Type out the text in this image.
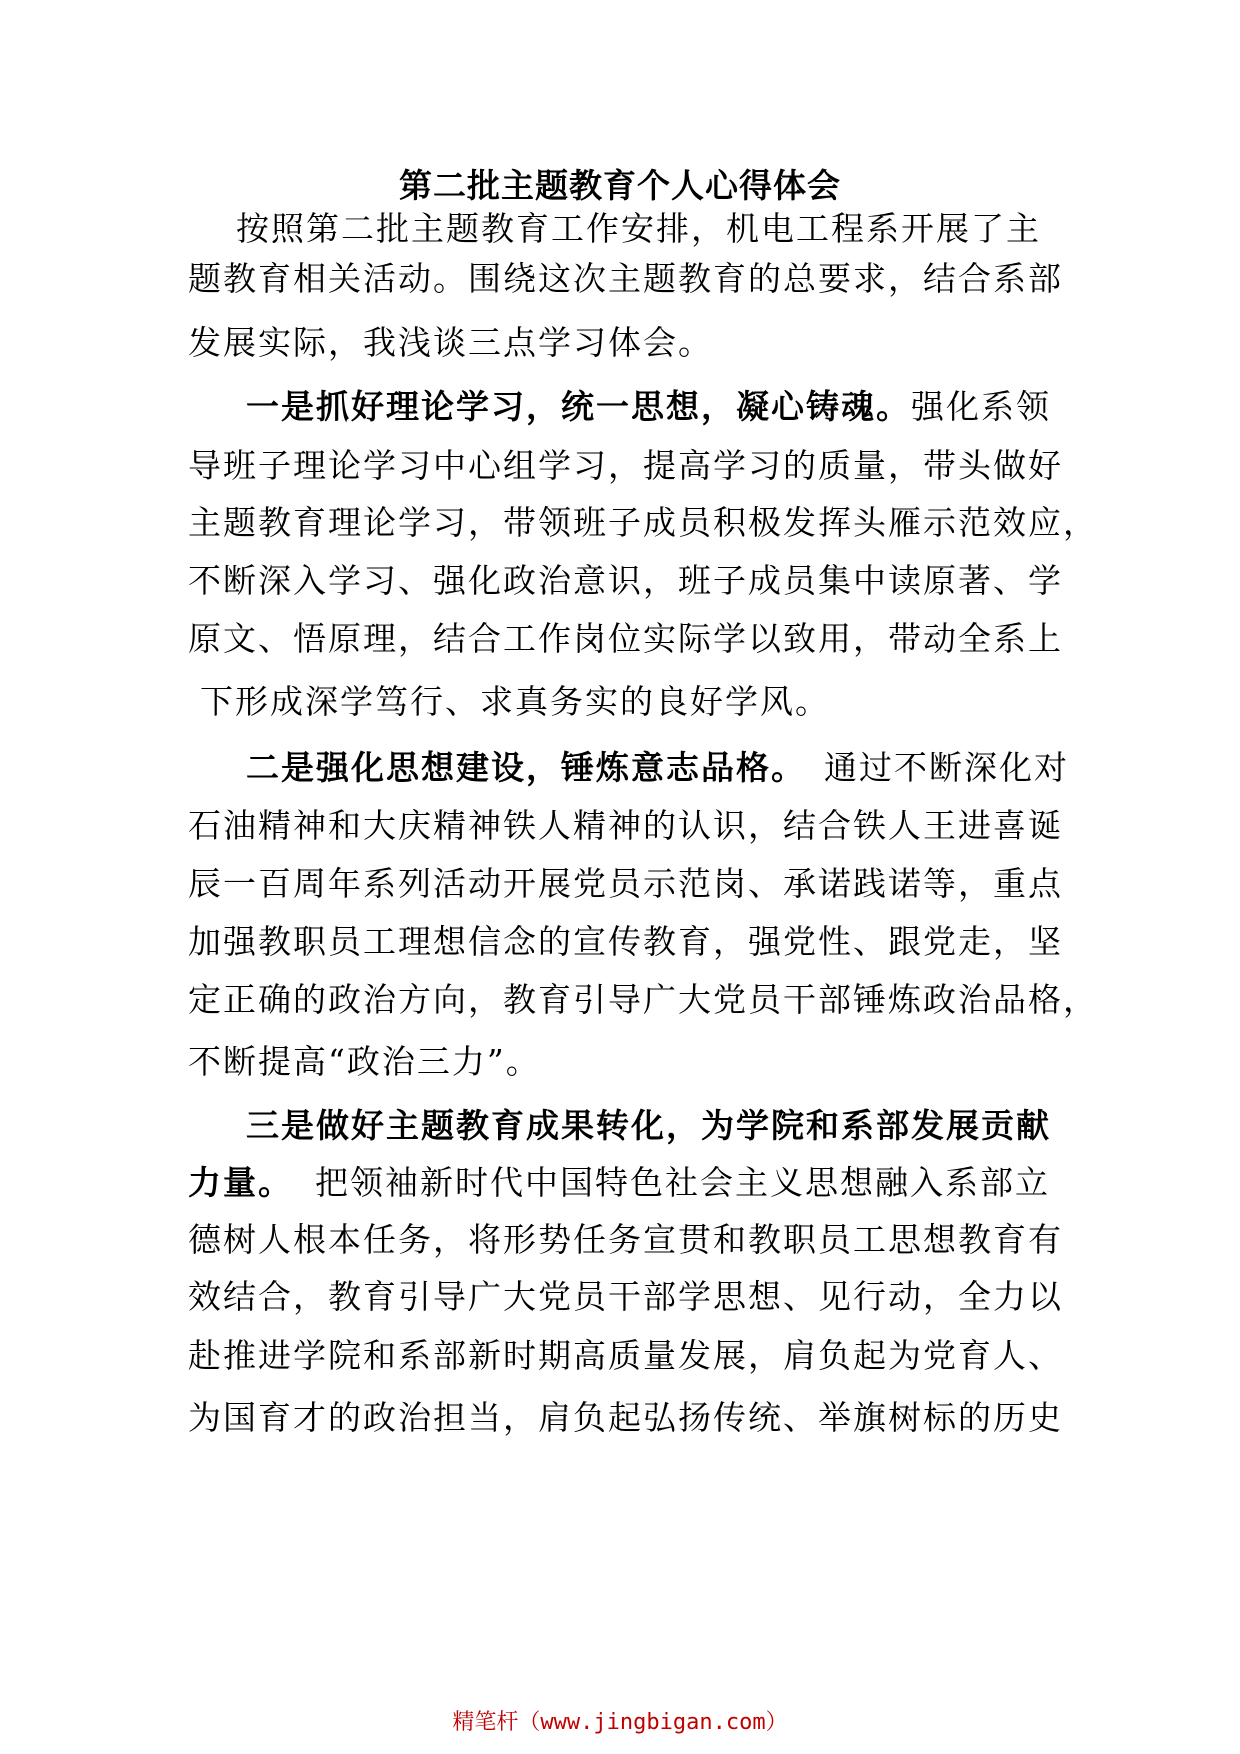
第二批主题教育个人心得体会
按照第二批主题教育工作安排，机电工程系开展了主
题教育相关活动。围绕这次主题教育的总要求，结合系部
发展实际，我浅谈三点学习体会。
一是抓好理论学习，统一思想，凝心铸魂。强化系领
导班子理论学习中心组学习，提高学习的质量，带头做好
主题教育理论学习，带领班子成员积极发挥头雁示范效应，
不断深入学习、强化政治意识，班子成员集中读原著、学
原文、悟原理，结合工作岗位实际学以致用，带动全系上
下形成深学笃行、求真务实的良好学风。
二是强化思想建设，锤炼意志品格。 通过不断深化对
石油精神和大庆精神铁人精神的认识，结合铁人王进喜诞
辰一百周年系列活动开展党员示范岗、承诺践诺等，重点
加强教职员工理想信念的宣传教育，强党性、跟党走，坚
定正确的政治方向，教育引导广大党员干部锤炼政治品格，
不断提高“政治三力”。
三是做好主题教育成果转化，为学院和系部发展贡献
力量。 把领袖新时代中国特色社会主义思想融入系部立
德树人根本任务，将形势任务宣贯和教职员工思想教育有
效结合，教育引导广大党员干部学思想、见行动，全力以
赴推进学院和系部新时期高质量发展，肩负起为党育人、
为国育才的政治担当，肩负起弘扬传统、举旗树标的历史
精笔杆（www.jingbigan.com）
